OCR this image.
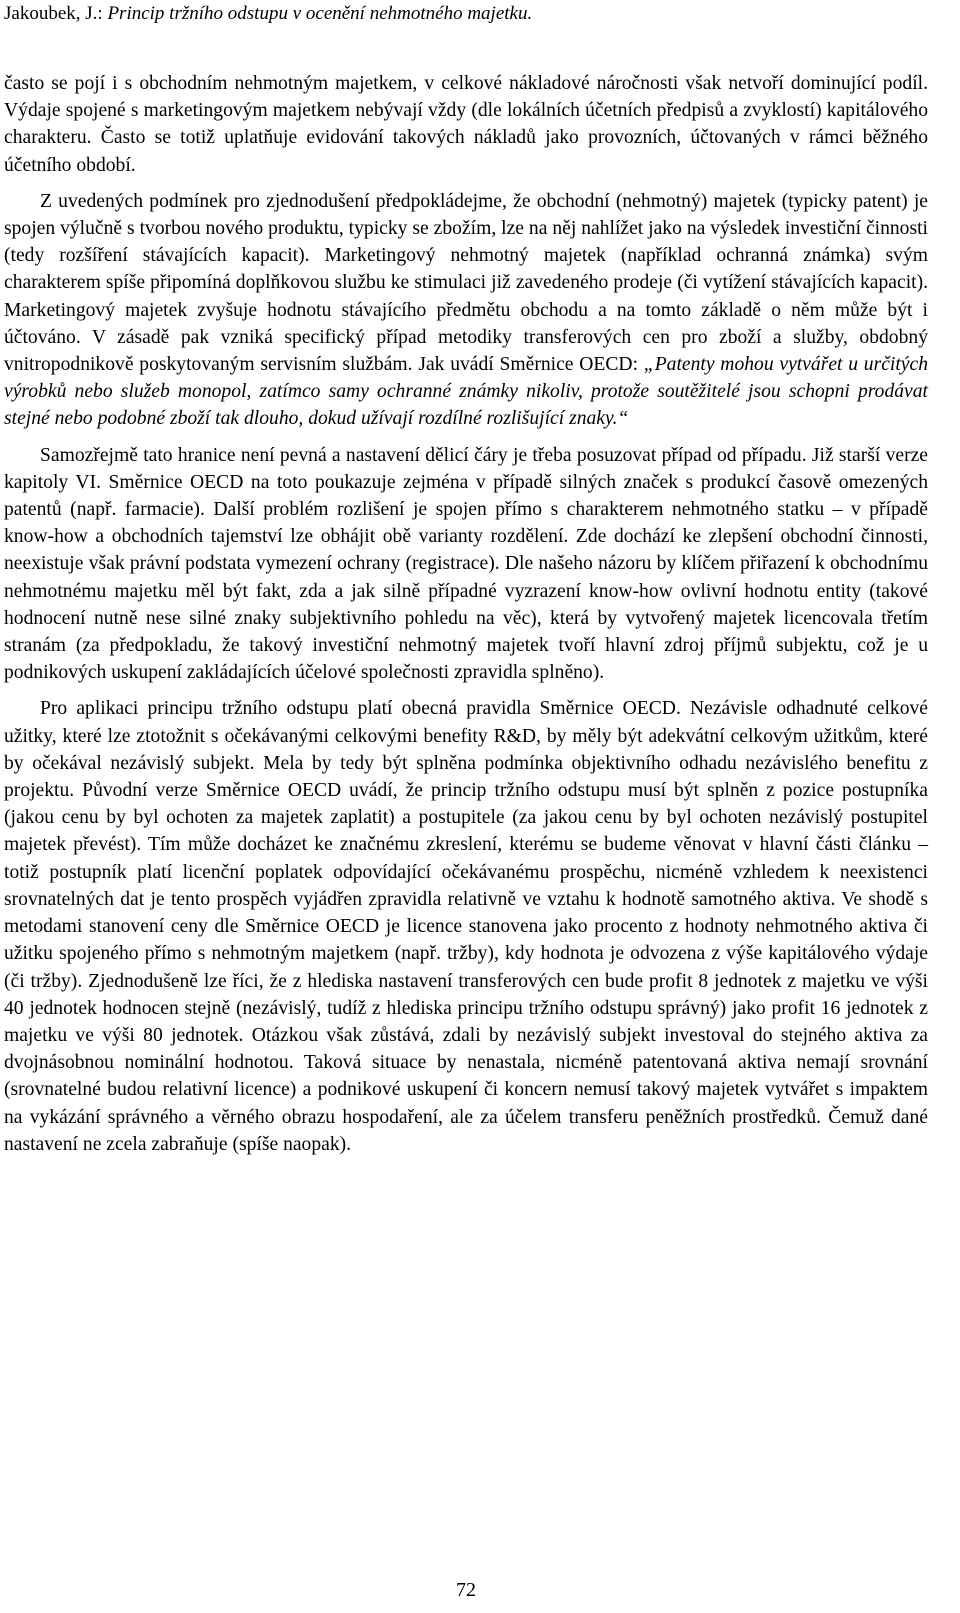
Jakoubek, J.: Princip tržního odstupu v ocenění nehmotného majetku.

často se pojí i s obchodním nehmotným majetkem, v celkové nákladové náročnosti však netvoří dominující podíl. Výdaje spojené s marketingovým majetkem nebývají vždy (dle lokálních účetních předpisů a zvyklostí) kapitálového charakteru. Často se totiž uplatňuje evidování takových nákladů jako provozních, účtovaných v rámci běžného účetního období.

Z uvedených podmínek pro zjednodušení předpokládejme, že obchodní (nehmotný) majetek (typicky patent) je spojen výlučně s tvorbou nového produktu, typicky se zbožím, lze na něj nahlížet jako na výsledek investiční činnosti (tedy rozšíření stávajících kapacit). Marketingový nehmotný majetek (například ochranná známka) svým charakterem spíše připomíná doplňkovou službu ke stimulaci již zavedeného prodeje (či vytížení stávajících kapacit). Marketingový majetek zvyšuje hodnotu stávajícího předmětu obchodu a na tomto základě o něm může být i účtováno. V zásadě pak vzniká specifický případ metodiky transferových cen pro zboží a služby, obdobný vnitropodnikově poskytovaným servisním službám. Jak uvádí Směrnice OECD: „Patenty mohou vytvářet u určitých výrobků nebo služeb monopol, zatímco samy ochranné známky nikoliv, protože soutěžitelé jsou schopni prodávat stejné nebo podobné zboží tak dlouho, dokud užívají rozdílné rozlišující znaky.“

Samozřejmě tato hranice není pevná a nastavení dělicí čáry je třeba posuzovat případ od případu. Již starší verze kapitoly VI. Směrnice OECD na toto poukazuje zejména v případě silných značek s produkcí časově omezených patentů (např. farmacie). Další problém rozlišení je spojen přímo s charakterem nehmotného statku – v případě know-how a obchodních tajemství lze obhájit obě varianty rozdělení. Zde dochází ke zlepšení obchodní činnosti, neexistuje však právní podstata vymezení ochrany (registrace). Dle našeho názoru by klíčem přiřazení k obchodnímu nehmotnému majetku měl být fakt, zda a jak silně případné vyzrazení know-how ovlivní hodnotu entity (takové hodnocení nutně nese silné znaky subjektivního pohledu na věc), která by vytvořený majetek licencovala třetím stranám (za předpokladu, že takový investiční nehmotný majetek tvoří hlavní zdroj příjmů subjektu, což je u podnikových uskupení zakládajících účelové společnosti zpravidla splněno).

Pro aplikaci principu tržního odstupu platí obecná pravidla Směrnice OECD. Nezávisle odhadnuté celkové užitky, které lze ztotožnit s očekávanými celkovými benefity R&D, by měly být adekvátní celkovým užitkům, které by očekával nezávislý subjekt. Mela by tedy být splněna podmínka objektivního odhadu nezávislého benefitu z projektu. Původní verze Směrnice OECD uvádí, že princip tržního odstupu musí být splněn z pozice postupníka (jakou cenu by byl ochoten za majetek zaplatit) a postupitele (za jakou cenu by byl ochoten nezávislý postupitel majetek převést). Tím může docházet ke značnému zkreslení, kterému se budeme věnovat v hlavní části článku – totiž postupník platí licenční poplatek odpovídající očekávanému prospěchu, nicméně vzhledem k neexistenci srovnatelných dat je tento prospěch vyjádřen zpravidla relativně ve vztahu k hodnotě samotného aktiva. Ve shodě s metodami stanovení ceny dle Směrnice OECD je licence stanovena jako procento z hodnoty nehmotného aktiva či užitku spojeného přímo s nehmotným majetkem (např. tržby), kdy hodnota je odvozena z výše kapitálového výdaje (či tržby). Zjednodušeně lze říci, že z hlediska nastavení transferových cen bude profit 8 jednotek z majetku ve výši 40 jednotek hodnocen stejně (nezávislý, tudíž z hlediska principu tržního odstupu správný) jako profit 16 jednotek z majetku ve výši 80 jednotek. Otázkou však zůstává, zdali by nezávislý subjekt investoval do stejného aktiva za dvojnásobnou nominální hodnotou. Taková situace by nenastala, nicméně patentovaná aktiva nemají srovnání (srovnatelné budou relativní licence) a podnikové uskupení či koncern nemusí takový majetek vytvářet s impaktem na vykázání správného a věrného obrazu hospodaření, ale za účelem transferu peněžních prostředků. Čemuž dané nastavení ne zcela zabraňuje (spíše naopak).

72
